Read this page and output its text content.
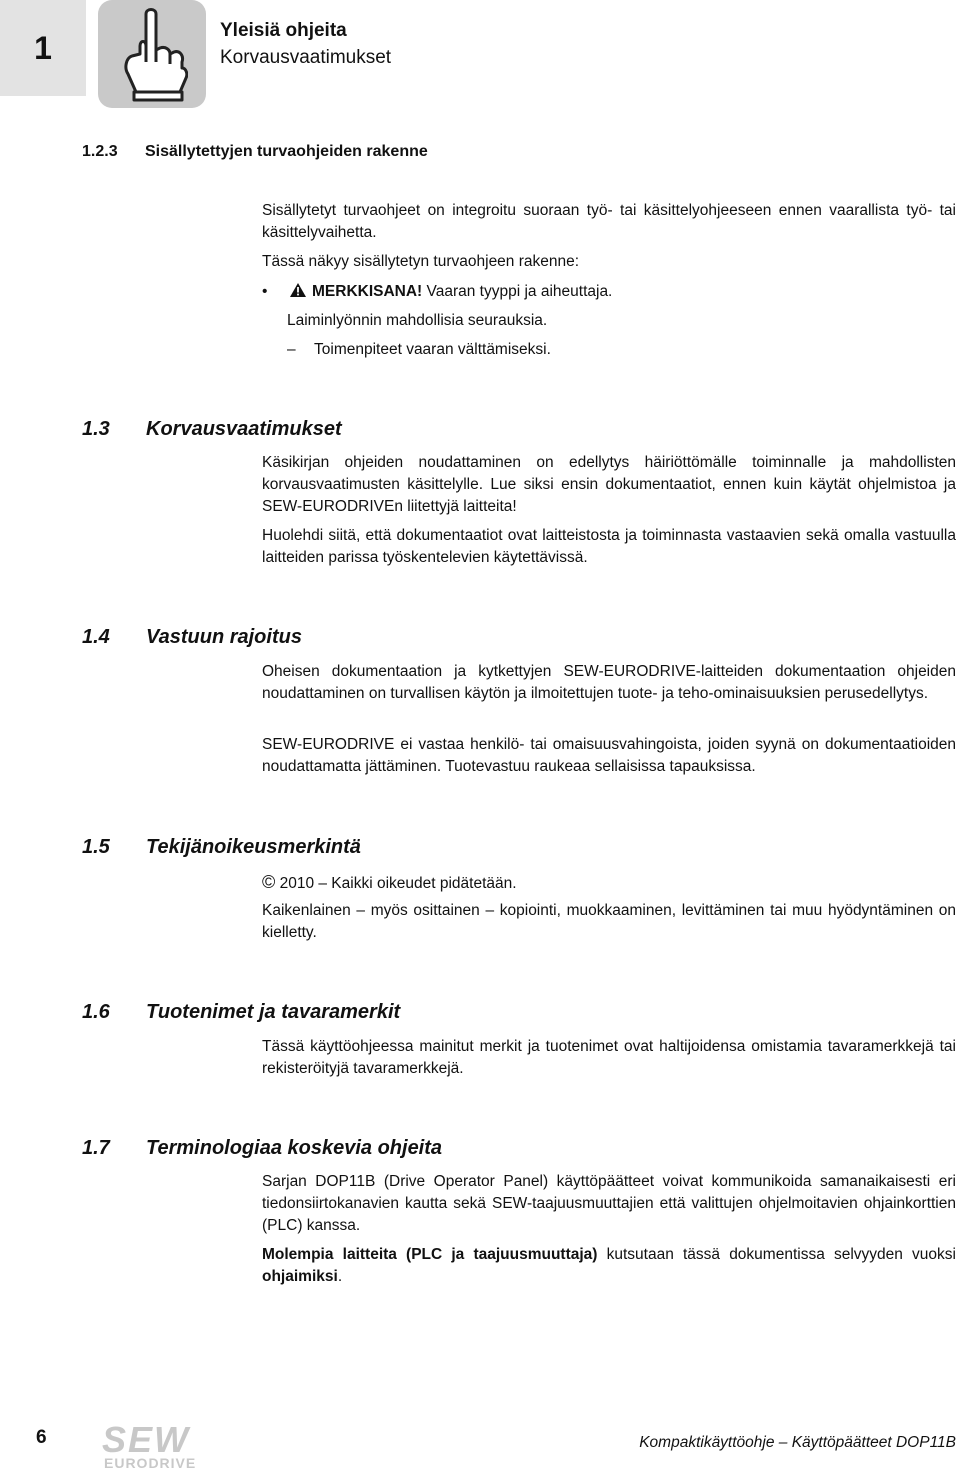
1	Yleisiä ohjeita
Korvausvaatimukset
1.2.3 Sisällytettyjen turvaohjeiden rakenne

Sisällytetyt turvaohjeet on integroitu suoraan työ- tai käsittelyohjeeseen ennen vaarallista työ- tai käsittelyvaihetta.

Tässä näkyy sisällytetyn turvaohjeen rakenne:
•	MERKKISANA! Vaaran tyyppi ja aiheuttaja.
Laiminlyönnin mahdollisia seurauksia.
– Toimenpiteet vaaran välttämiseksi.
1.3 Korvausvaatimukset

Käsikirjan ohjeiden noudattaminen on edellytys häiriöttömälle toiminnalle ja mahdollisten korvausvaatimusten käsittelylle. Lue siksi ensin dokumentaatiot, ennen kuin käytät ohjelmistoa ja SEW-EURODRIVEn liitettyjä laitteita!

Huolehdi siitä, että dokumentaatiot ovat laitteistosta ja toiminnasta vastaavien sekä omalla vastuulla laitteiden parissa työskentelevien käytettävissä.

1.4 Vastuun rajoitus

Oheisen dokumentaation ja kytkettyjen SEW-EURODRIVE-laitteiden dokumentaation ohjeiden noudattaminen on turvallisen käytön ja ilmoitettujen tuote- ja teho-ominaisuuksien perusedellytys.

SEW-EURODRIVE ei vastaa henkilö- tai omaisuusvahingoista, joiden syynä on dokumentaatioiden noudattamatta jättäminen. Tuotevastuu raukeaa sellaisissa tapauksissa.

1.5 Tekijänoikeusmerkintä
© 2010 – Kaikki oikeudet pidätetään.

Kaikenlainen – myös osittainen – kopiointi, muokkaaminen, levittäminen tai muu hyödyntäminen on kielletty.

1.6 Tuotenimet ja tavaramerkit

Tässä käyttöohjeessa mainitut merkit ja tuotenimet ovat haltijoidensa omistamia tavaramerkkejä tai rekisteröityjä tavaramerkkejä.

1.7 Terminologiaa koskevia ohjeita

Sarjan DOP11B (Drive Operator Panel) käyttöpäätteet voivat kommunikoida samanaikaisesti eri tiedonsiirtokanavien kautta sekä SEW-taajuusmuuttajien että valittujen ohjelmoitavien ohjainkorttien (PLC) kanssa.

Molempia laitteita (PLC ja taajuusmuuttaja) kutsutaan tässä dokumentissa selvyyden vuoksi ohjaimiksi.

6 SEW
EURODRIVE
Kompaktikäyttöohje – Käyttöpäätteet DOP11B
